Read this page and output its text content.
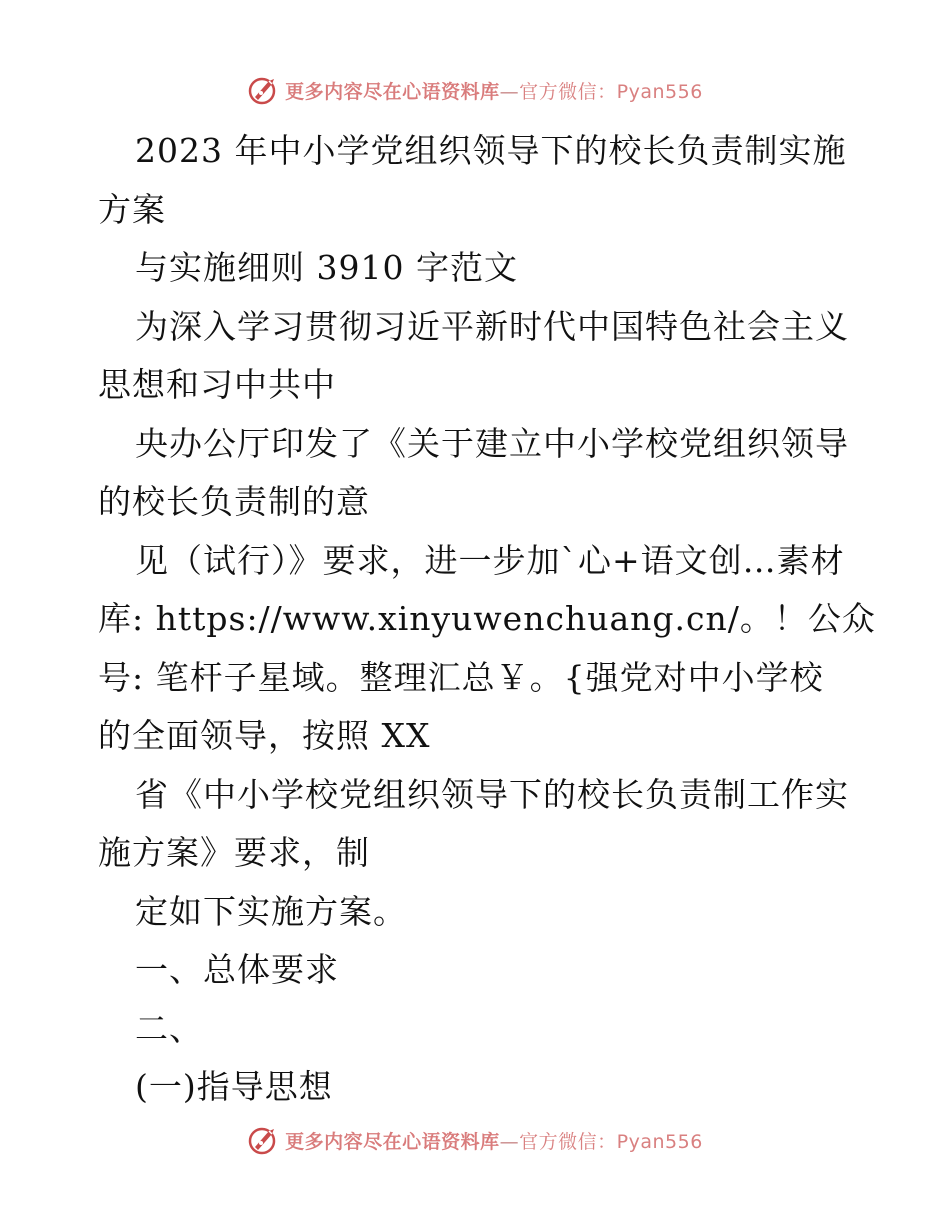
更多内容尽在心语资料库—官方微信：Pyan556
2023 年中小学党组织领导下的校长负责制实施
方案
与实施细则 3910 字范文
为深入学习贯彻习近平新时代中国特色社会主义
思想和习中共中
央办公厅印发了《关于建立中小学校党组织领导
的校长负责制的意
见（试行）》要求，进一步加`心+语文创…素材
库: https://www.xinyuwenchuang.cn/。！公众
号: 笔杆子星域。整理汇总￥。{强党对中小学校
的全面领导，按照 XX
省《中小学校党组织领导下的校长负责制工作实
施方案》要求，制
定如下实施方案。
一、总体要求
二、
(一)指导思想
更多内容尽在心语资料库—官方微信：Pyan556
